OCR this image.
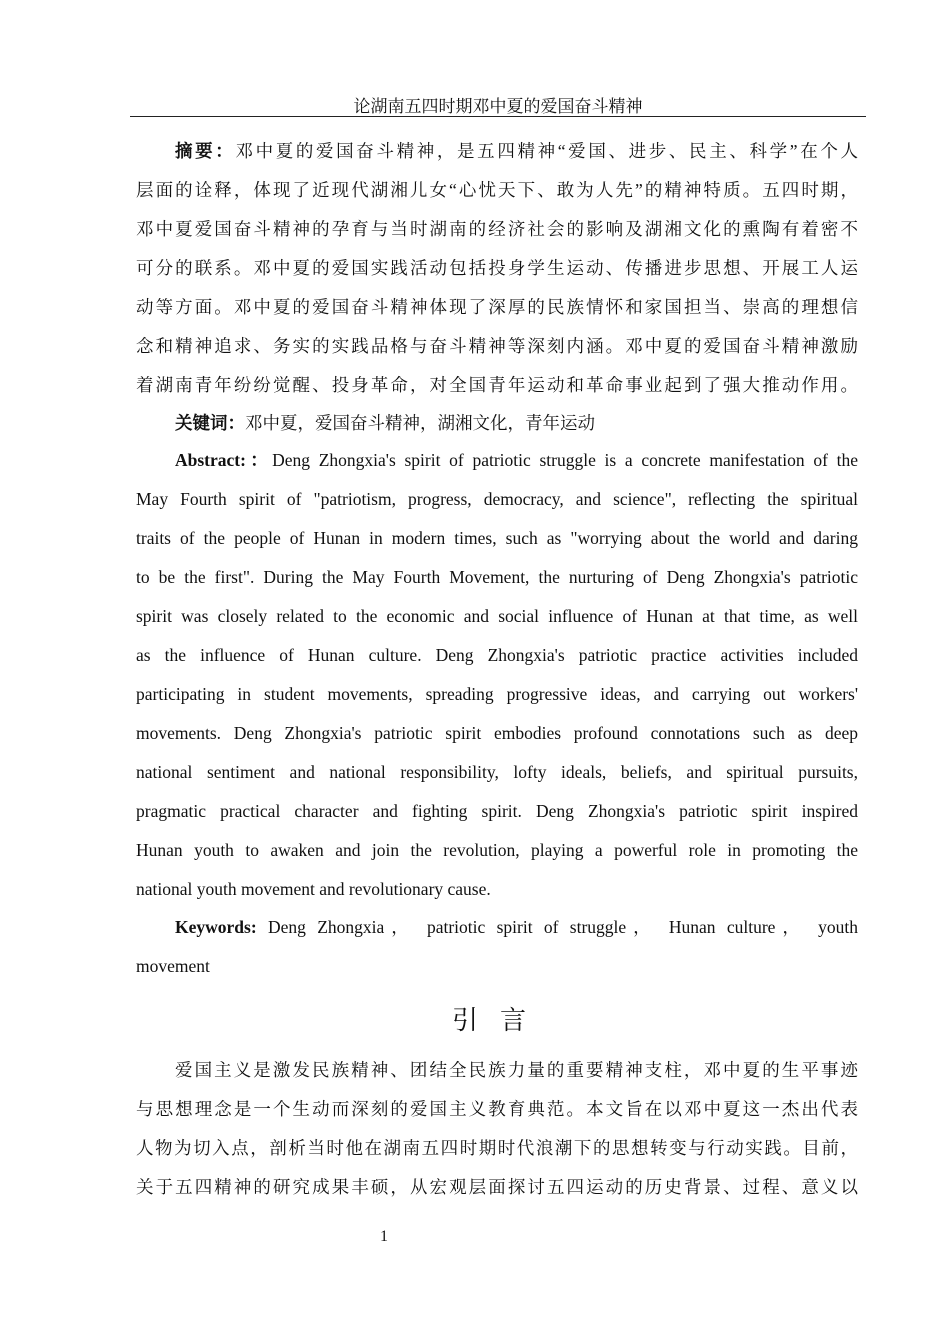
论湖南五四时期邓中夏的爱国奋斗精神
摘要：邓中夏的爱国奋斗精神，是五四精神“爱国、进步、民主、科学”在个人
层面的诠释，体现了近现代湖湘儿女“心忧天下、敢为人先”的精神特质。五四时期，
邓中夏爱国奋斗精神的孕育与当时湖南的经济社会的影响及湖湘文化的熏陶有着密不
可分的联系。邓中夏的爱国实践活动包括投身学生运动、传播进步思想、开展工人运
动等方面。邓中夏的爱国奋斗精神体现了深厚的民族情怀和家国担当、崇高的理想信
念和精神追求、务实的实践品格与奋斗精神等深刻内涵。邓中夏的爱国奋斗精神激励
着湖南青年纷纷觉醒、投身革命，对全国青年运动和革命事业起到了强大推动作用。
关键词：邓中夏，爱国奋斗精神，湖湘文化，青年运动
Abstract:：Deng Zhongxia's spirit of patriotic struggle is a concrete manifestation of the
May Fourth spirit of "patriotism, progress, democracy, and science", reflecting the spiritual
traits of the people of Hunan in modern times, such as "worrying about the world and daring
to be the first". During the May Fourth Movement, the nurturing of Deng Zhongxia's patriotic
spirit was closely related to the economic and social influence of Hunan at that time, as well
as the influence of Hunan culture. Deng Zhongxia's patriotic practice activities included
participating in student movements, spreading progressive ideas, and carrying out workers'
movements. Deng Zhongxia's patriotic spirit embodies profound connotations such as deep
national sentiment and national responsibility, lofty ideals, beliefs, and spiritual pursuits,
pragmatic practical character and fighting spirit. Deng Zhongxia's patriotic spirit inspired
Hunan youth to awaken and join the revolution, playing a powerful role in promoting the
national youth movement and revolutionary cause.
Keywords: Deng Zhongxia， patriotic spirit of struggle， Hunan culture， youth
movement
引言
爱国主义是激发民族精神、团结全民族力量的重要精神支柱，邓中夏的生平事迹
与思想理念是一个生动而深刻的爱国主义教育典范。本文旨在以邓中夏这一杰出代表
人物为切入点，剖析当时他在湖南五四时期时代浪潮下的思想转变与行动实践。目前，
关于五四精神的研究成果丰硕，从宏观层面探讨五四运动的历史背景、过程、意义以
1
